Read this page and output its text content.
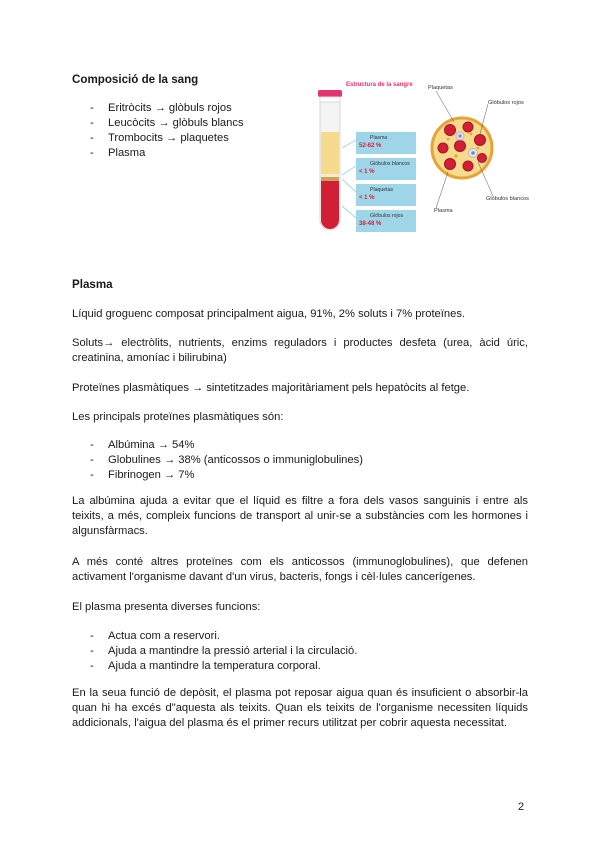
Composició de la sang
- Eritròcits → glòbuls rojos
- Leucòcits → glòbuls blancs
- Trombocits → plaquetes
- Plasma
Estructura de la sangre	Plaquetas
Glóbulos rojos
Glóbulos blancos
Plasma
Plasma
52-62 %
Glóbulos blancos
< 1 %
Plaquetas
< 1 %
Glóbulos rojos
38-48 %
Plasma

Líquid groguenc composat principalment aigua, 91%, 2% soluts i 7% proteïnes.

Soluts→ electròlits, nutrients, enzims reguladors i productes desfeta (urea, àcid úric, creatinina, amoníac i bilirubina)

Proteïnes plasmàtiques → sintetitzades majoritàriament pels hepatòcits al fetge.

Les principals proteïnes plasmàtiques són:

- Albúmina → 54%
- Globulines → 38% (anticossos o immuniglobulines)
- Fibrinogen → 7%

La albúmina ajuda a evitar que el líquid es filtre a fora dels vasos sanguinis i entre als teixits, a més, compleix funcions de transport al unir-se a substàncies com les hormones i algunsfàrmacs.

A més conté altres proteïnes com els anticossos (immunoglobulines), que defenen activament l'organisme davant d'un virus, bacteris, fongs i cèl·lules cancerígenes.

El plasma presenta diverses funcions:

- Actua com a reservori.
- Ajuda a mantindre la pressió arterial i la circulació.
- Ajuda a mantindre la temperatura corporal.

En la seua funció de depòsit, el plasma pot reposar aigua quan és insuficient o absorbir-la quan hi ha excés d"aquesta als teixits. Quan els teixits de l'organisme necessiten líquids addicionals, l'aigua del plasma és el primer recurs utilitzat per cobrir aquesta necessitat.

2
